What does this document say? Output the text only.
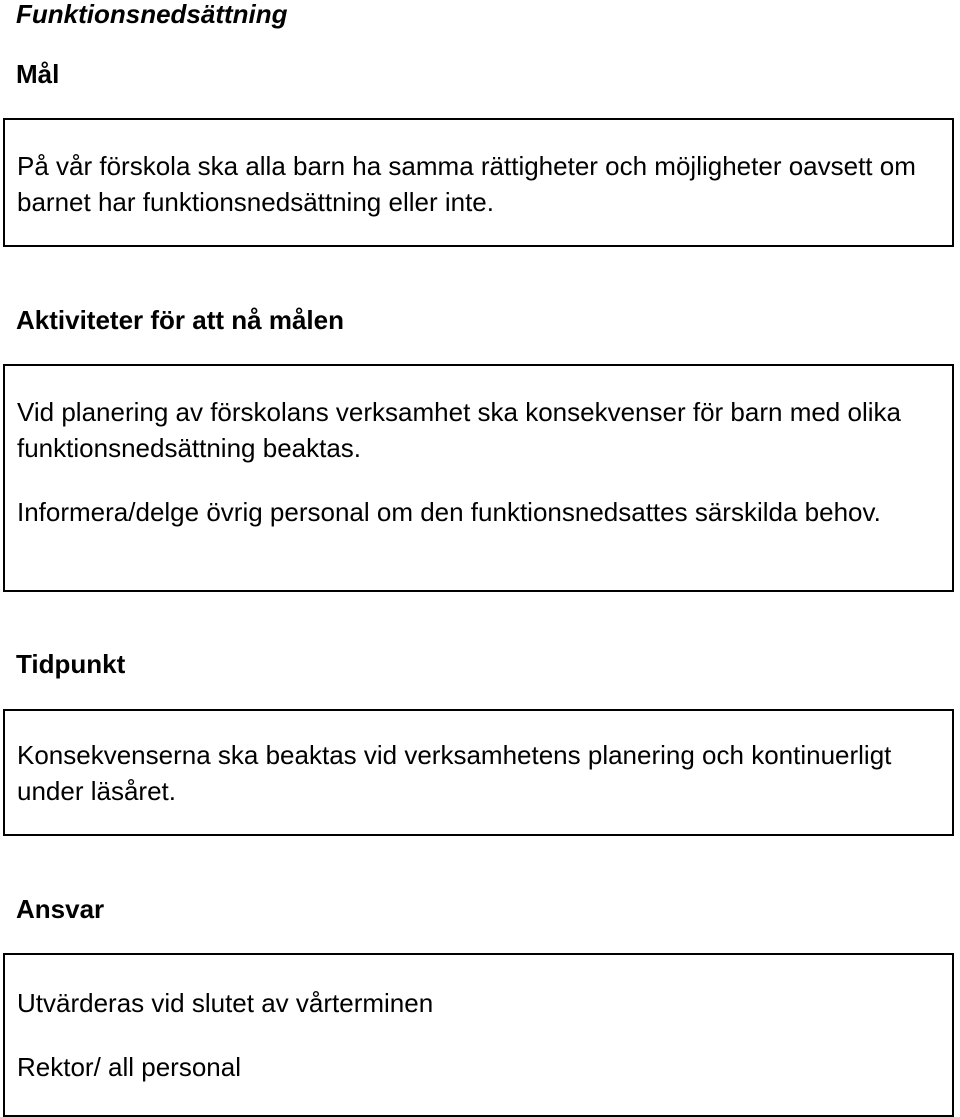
Funktionsnedsättning
Mål

På vår förskola ska alla barn ha samma rättigheter och möjligheter oavsett om barnet har funktionsnedsättning eller inte.

Aktiviteter för att nå målen

Vid planering av förskolans verksamhet ska konsekvenser för barn med olika funktionsnedsättning beaktas.

Informera/delge övrig personal om den funktionsnedsattes särskilda behov.

Tidpunkt

Konsekvenserna ska beaktas vid verksamhetens planering och kontinuerligt under läsåret.

Ansvar

Utvärderas vid slutet av vårterminen

Rektor/ all personal
